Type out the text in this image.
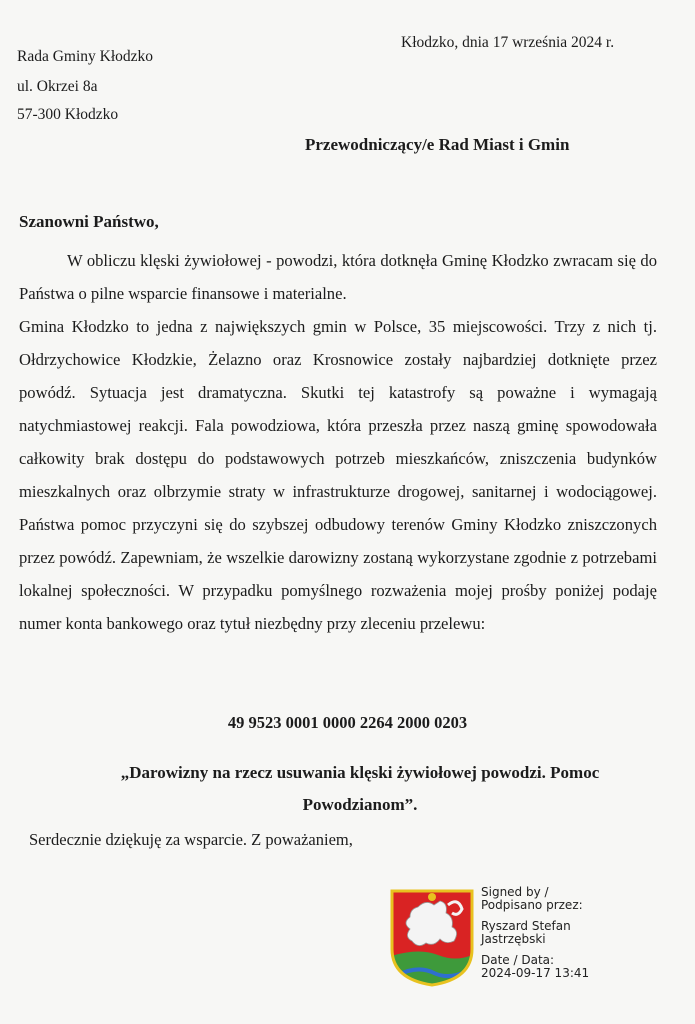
Rada Gminy Kłodzko
ul. Okrzei 8a
57-300 Kłodzko
Kłodzko, dnia 17 września 2024 r.
Przewodniczący/e Rad Miast i Gmin
Szanowni Państwo,

W obliczu klęski żywiołowej - powodzi, która dotknęła Gminę Kłodzko zwracam się do Państwa o pilne wsparcie finansowe i materialne.

Gmina Kłodzko to jedna z największych gmin w Polsce, 35 miejscowości. Trzy z nich tj. Ołdrzychowice Kłodzkie, Żelazno oraz Krosnowice zostały najbardziej dotknięte przez powódź. Sytuacja jest dramatyczna. Skutki tej katastrofy są poważne i wymagają natychmiastowej reakcji. Fala powodziowa, która przeszła przez naszą gminę spowodowała całkowity brak dostępu do podstawowych potrzeb mieszkańców, zniszczenia budynków mieszkalnych oraz olbrzymie straty w infrastrukturze drogowej, sanitarnej i wodociągowej. Państwa pomoc przyczyni się do szybszej odbudowy terenów Gminy Kłodzko zniszczonych przez powódź. Zapewniam, że wszelkie darowizny zostaną wykorzystane zgodnie z potrzebami lokalnej społeczności. W przypadku pomyślnego rozważenia mojej prośby poniżej podaję numer konta bankowego oraz tytuł niezbędny przy zleceniu przelewu:

49 9523 0001 0000 2264 2000 0203
„Darowizny na rzecz usuwania klęski żywiołowej powodzi. Pomoc
Powodzianom”.
Serdecznie dziękuję za wsparcie. Z poważaniem,
Signed by /
Podpisano przez:
Ryszard Stefan
Jastrzębski
Date / Data:
2024-09-17 13:41
